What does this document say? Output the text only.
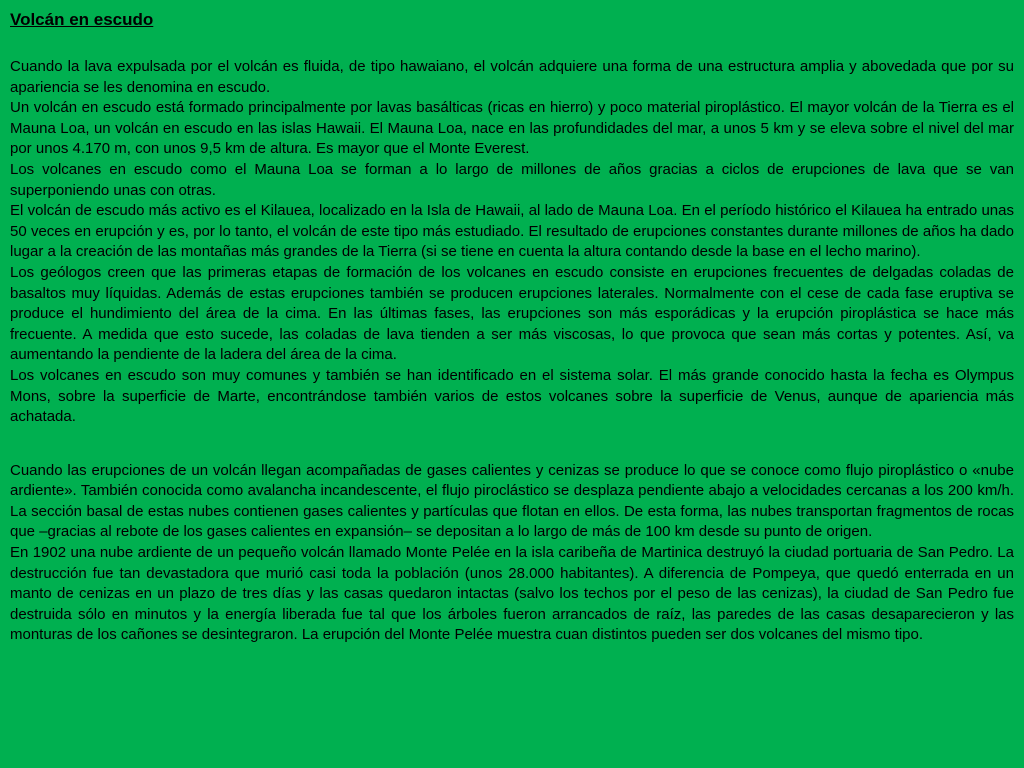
Volcán en escudo

Cuando la lava expulsada por el volcán es fluida, de tipo hawaiano, el volcán adquiere una forma de una estructura amplia y abovedada que por su apariencia se les denomina en escudo.

Un volcán en escudo está formado principalmente por lavas basálticas (ricas en hierro) y poco material piroplástico. El mayor volcán de la Tierra es el Mauna Loa, un volcán en escudo en las islas Hawaii. El Mauna Loa, nace en las profundidades del mar, a unos 5 km y se eleva sobre el nivel del mar por unos 4.170 m, con unos 9,5 km de altura. Es mayor que el Monte Everest.

Los volcanes en escudo como el Mauna Loa se forman a lo largo de millones de años gracias a ciclos de erupciones de lava que se van superponiendo unas con otras.

El volcán de escudo más activo es el Kilauea, localizado en la Isla de Hawaii, al lado de Mauna Loa. En el período histórico el Kilauea ha entrado unas 50 veces en erupción y es, por lo tanto, el volcán de este tipo más estudiado. El resultado de erupciones constantes durante millones de años ha dado lugar a la creación de las montañas más grandes de la Tierra (si se tiene en cuenta la altura contando desde la base en el lecho marino).

Los geólogos creen que las primeras etapas de formación de los volcanes en escudo consiste en erupciones frecuentes de delgadas coladas de basaltos muy líquidas. Además de estas erupciones también se producen erupciones laterales. Normalmente con el cese de cada fase eruptiva se produce el hundimiento del área de la cima. En las últimas fases, las erupciones son más esporádicas y la erupción piroplástica se hace más frecuente. A medida que esto sucede, las coladas de lava tienden a ser más viscosas, lo que provoca que sean más cortas y potentes. Así, va aumentando la pendiente de la ladera del área de la cima.

Los volcanes en escudo son muy comunes y también se han identificado en el sistema solar. El más grande conocido hasta la fecha es Olympus Mons, sobre la superficie de Marte, encontrándose también varios de estos volcanes sobre la superficie de Venus, aunque de apariencia más achatada.

Cuando las erupciones de un volcán llegan acompañadas de gases calientes y cenizas se produce lo que se conoce como flujo piroplástico o «nube ardiente». También conocida como avalancha incandescente, el flujo piroclástico se desplaza pendiente abajo a velocidades cercanas a los 200 km/h. La sección basal de estas nubes contienen gases calientes y partículas que flotan en ellos. De esta forma, las nubes transportan fragmentos de rocas que –gracias al rebote de los gases calientes en expansión– se depositan a lo largo de más de 100 km desde su punto de origen.

En 1902 una nube ardiente de un pequeño volcán llamado Monte Pelée en la isla caribeña de Martinica destruyó la ciudad portuaria de San Pedro. La destrucción fue tan devastadora que murió casi toda la población (unos 28.000 habitantes). A diferencia de Pompeya, que quedó enterrada en un manto de cenizas en un plazo de tres días y las casas quedaron intactas (salvo los techos por el peso de las cenizas), la ciudad de San Pedro fue destruida sólo en minutos y la energía liberada fue tal que los árboles fueron arrancados de raíz, las paredes de las casas desaparecieron y las monturas de los cañones se desintegraron. La erupción del Monte Pelée muestra cuan distintos pueden ser dos volcanes del mismo tipo.
